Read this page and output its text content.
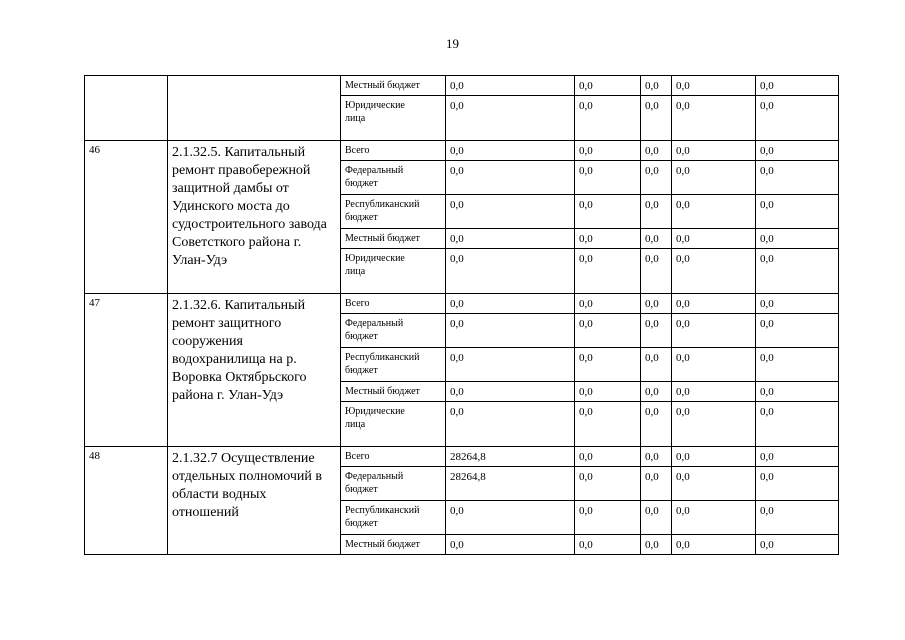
19
		Местный бюджет	0,0	0,0	0,0	0,0	0,0
		Юридические
лица	0,0	0,0	0,0	0,0	0,0
46	2.1.32.5. Капитальный ремонт правобережной защитной дамбы от Удинского моста до судостроительного завода Советсткого района г. Улан-Удэ	Всего	0,0	0,0	0,0	0,0	0,0
		Федеральный
бюджет	0,0	0,0	0,0	0,0	0,0
		Республиканский
бюджет	0,0	0,0	0,0	0,0	0,0
		Местный бюджет	0,0	0,0	0,0	0,0	0,0
		Юридические
лица	0,0	0,0	0,0	0,0	0,0
47	2.1.32.6. Капитальный ремонт защитного сооружения водохранилища на р. Воровка Октябрьского района г. Улан-Удэ	Всего	0,0	0,0	0,0	0,0	0,0
		Федеральный
бюджет	0,0	0,0	0,0	0,0	0,0
		Республиканский
бюджет	0,0	0,0	0,0	0,0	0,0
		Местный бюджет	0,0	0,0	0,0	0,0	0,0
		Юридические
лица	0,0	0,0	0,0	0,0	0,0
48	2.1.32.7 Осуществление отдельных полномочий в области водных отношений	Всего	28264,8	0,0	0,0	0,0	0,0
		Федеральный
бюджет	28264,8	0,0	0,0	0,0	0,0
		Республиканский
бюджет	0,0	0,0	0,0	0,0	0,0
		Местный бюджет	0,0	0,0	0,0	0,0	0,0
